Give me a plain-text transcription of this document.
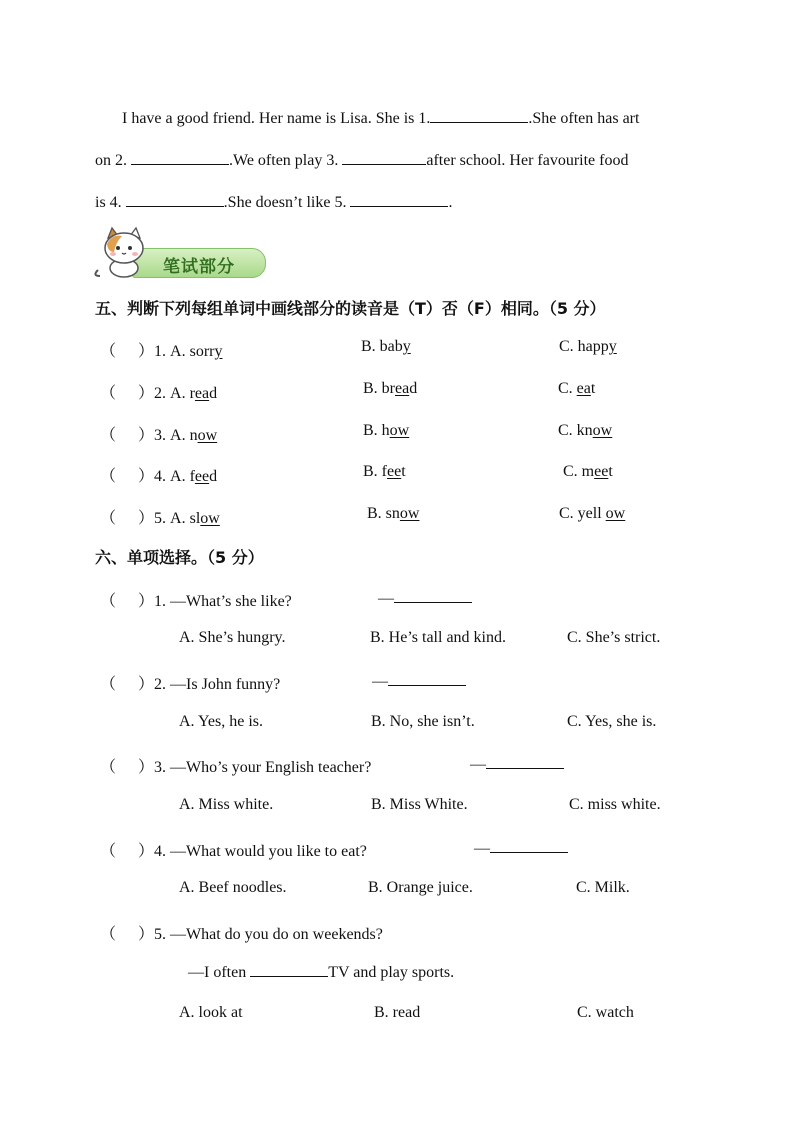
I have a good friend. Her name is Lisa. She is 1.	.She often has art
on 2.	.We often play 3.	after school. Her favourite food
is 4.	.She doesn’t like 5.	.
笔试部分
五、判断下列每组单词中画线部分的读音是（T）否（F）相同。（5 分）
（ ）1. A. sorry	B. baby	C. happy
（ ）2. A. read	B. bread	C. eat
（ ）3. A. now	B. how	C. know
（ ）4. A. feed	B. feet	C. meet
（ ）5. A. slow	B. snow	C. yell ow
六、单项选择。（5 分）
（ ）1. —What’s she like?	—
A. She’s hungry.	B. He’s tall and kind.	C. She’s strict.
（ ）2. —Is John funny?	—
A. Yes, he is.	B. No, she isn’t.	C. Yes, she is.
（ ）3. —Who’s your English teacher?	—
A. Miss white.	B. Miss White.	C. miss white.
（ ）4. —What would you like to eat?	—
A. Beef noodles.	B. Orange juice.	C. Milk.
（ ）5. —What do you do on weekends?
—I often	TV and play sports.
A. look at	B. read	C. watch
